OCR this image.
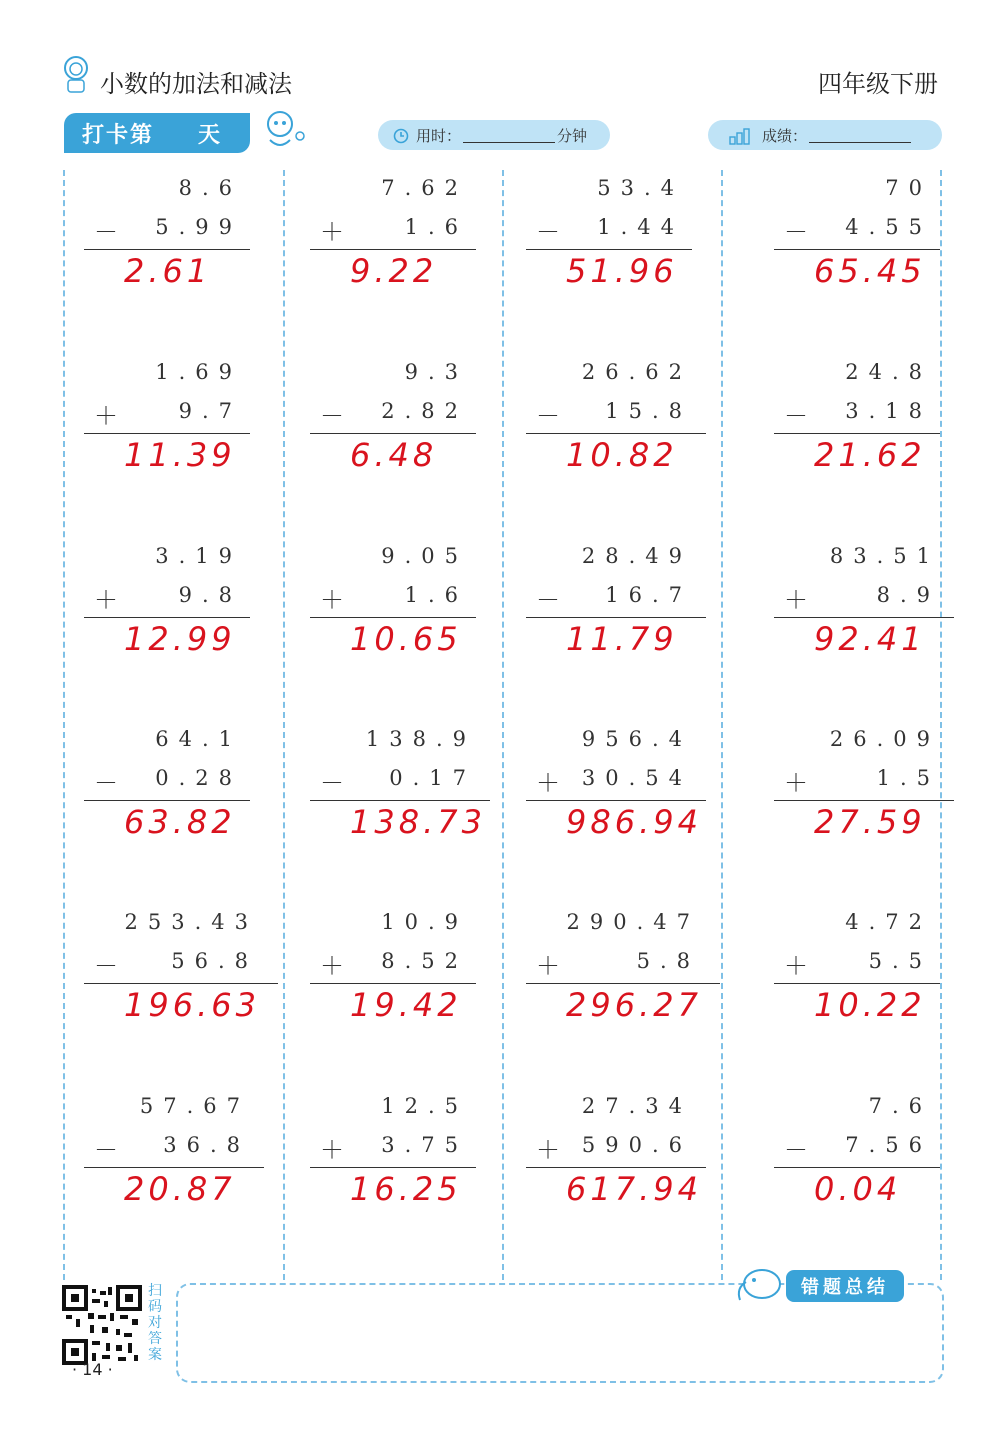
小数的加法和减法	四年级下册
打卡第 天	用时：	分钟	成绩：
8.6
－ 5.99
2.61
7.62
＋	1.6
9.22
53.4
－ 1.44
51.96
70
－ 4.55
65.45
1.69
＋	9.7
11.39
9.3
－ 2.82
6.48
26.62
－ 15.8
10.82
24.8
－ 3.18
21.62
3.19
＋	9.8
12.99
9.05
＋	1.6
10.65
28.49
－ 16.7
11.79
83.51
＋	8.9
92.41
64.1
－ 0.28
63.82
138.9
－ 0.17
138.73
956.4
＋ 30.54
986.94
26.09
＋	1.5
27.59
253.43
－	56.8
196.63
10.9
＋ 8.52
19.42
290.47
＋	5.8
296.27
4.72
＋	5.5
10.22
57.67
－ 36.8
20.87
12.5
＋ 3.75
16.25
27.34
＋ 590.6
617.94
7.6
－ 7.56
0.04
错题总结
扫码对答案
· 14 ·
